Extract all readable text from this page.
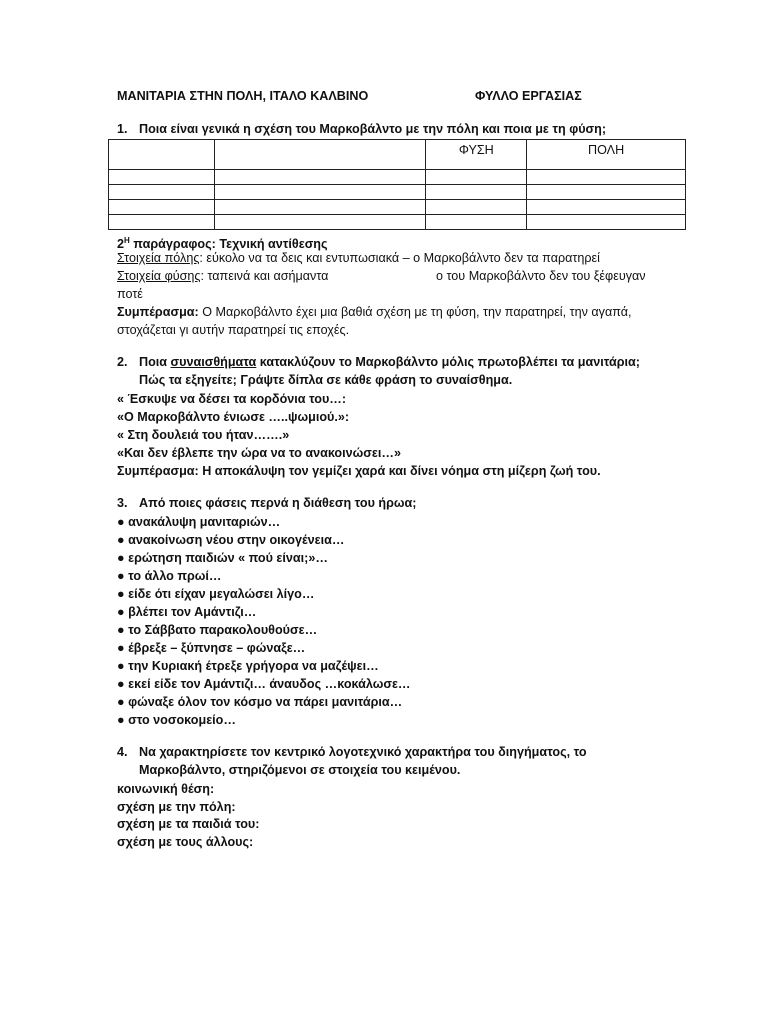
ΜΑΝΙΤΑΡΙΑ ΣΤΗΝ ΠΟΛΗ, ΙΤΑΛΟ ΚΑΛΒΙΝΟ	ΦΥΛΛΟ ΕΡΓΑΣΙΑΣ
1. Ποια είναι γενικά η σχέση του Μαρκοβάλντο με την πόλη και ποια με τη φύση;
		ΦΥΣΗ	ΠΟΛΗ

$2^H$ παράγραφος: Τεχνική αντίθεσης
Στοιχεία πόλης: εύκολο να τα δεις και εντυπωσιακά – ο Μαρκοβάλντο δεν τα παρατηρεί
Στοιχεία φύσης: ταπεινά και ασήμαντα	ο του Μαρκοβάλντο δεν του ξέφευγαν
ποτέ
Συμπέρασμα: Ο Μαρκοβάλντο έχει μια βαθιά σχέση με τη φύση, την παρατηρεί, την αγαπά,
στοχάζεται γι αυτήν παρατηρεί τις εποχές.
2. Ποια συναισθήματα κατακλύζουν το Μαρκοβάλντο μόλις πρωτοβλέπει τα μανιτάρια;
Πώς τα εξηγείτε; Γράψτε δίπλα σε κάθε φράση το συναίσθημα.
« Έσκυψε να δέσει τα κορδόνια του…:
«Ο Μαρκοβάλντο ένιωσε …..ψωμιού.»:
« Στη δουλειά του ήταν…….»
«Και δεν έβλεπε την ώρα να το ανακοινώσει…»
Συμπέρασμα: Η αποκάλυψη τον γεμίζει χαρά και δίνει νόημα στη μίζερη ζωή του.
3. Από ποιες φάσεις περνά η διάθεση του ήρωα;
● ανακάλυψη μανιταριών…
● ανακοίνωση νέου στην οικογένεια…
● ερώτηση παιδιών « πού είναι;»…
● το άλλο πρωί…
● είδε ότι είχαν μεγαλώσει λίγο…
● βλέπει τον Αμάντιζι…
● το Σάββατο παρακολουθούσε…
● έβρεξε – ξύπνησε – φώναξε…
● την Κυριακή έτρεξε γρήγορα να μαζέψει…
● εκεί είδε τον Αμάντιζι… άναυδος …κοκάλωσε…
● φώναξε όλον τον κόσμο να πάρει μανιτάρια…
● στο νοσοκομείο…
4. Να χαρακτηρίσετε τον κεντρικό λογοτεχνικό χαρακτήρα του διηγήματος, το
Μαρκοβάλντο, στηριζόμενοι σε στοιχεία του κειμένου.
κοινωνική θέση:
σχέση με την πόλη:
σχέση με τα παιδιά του:
σχέση με τους άλλους:
